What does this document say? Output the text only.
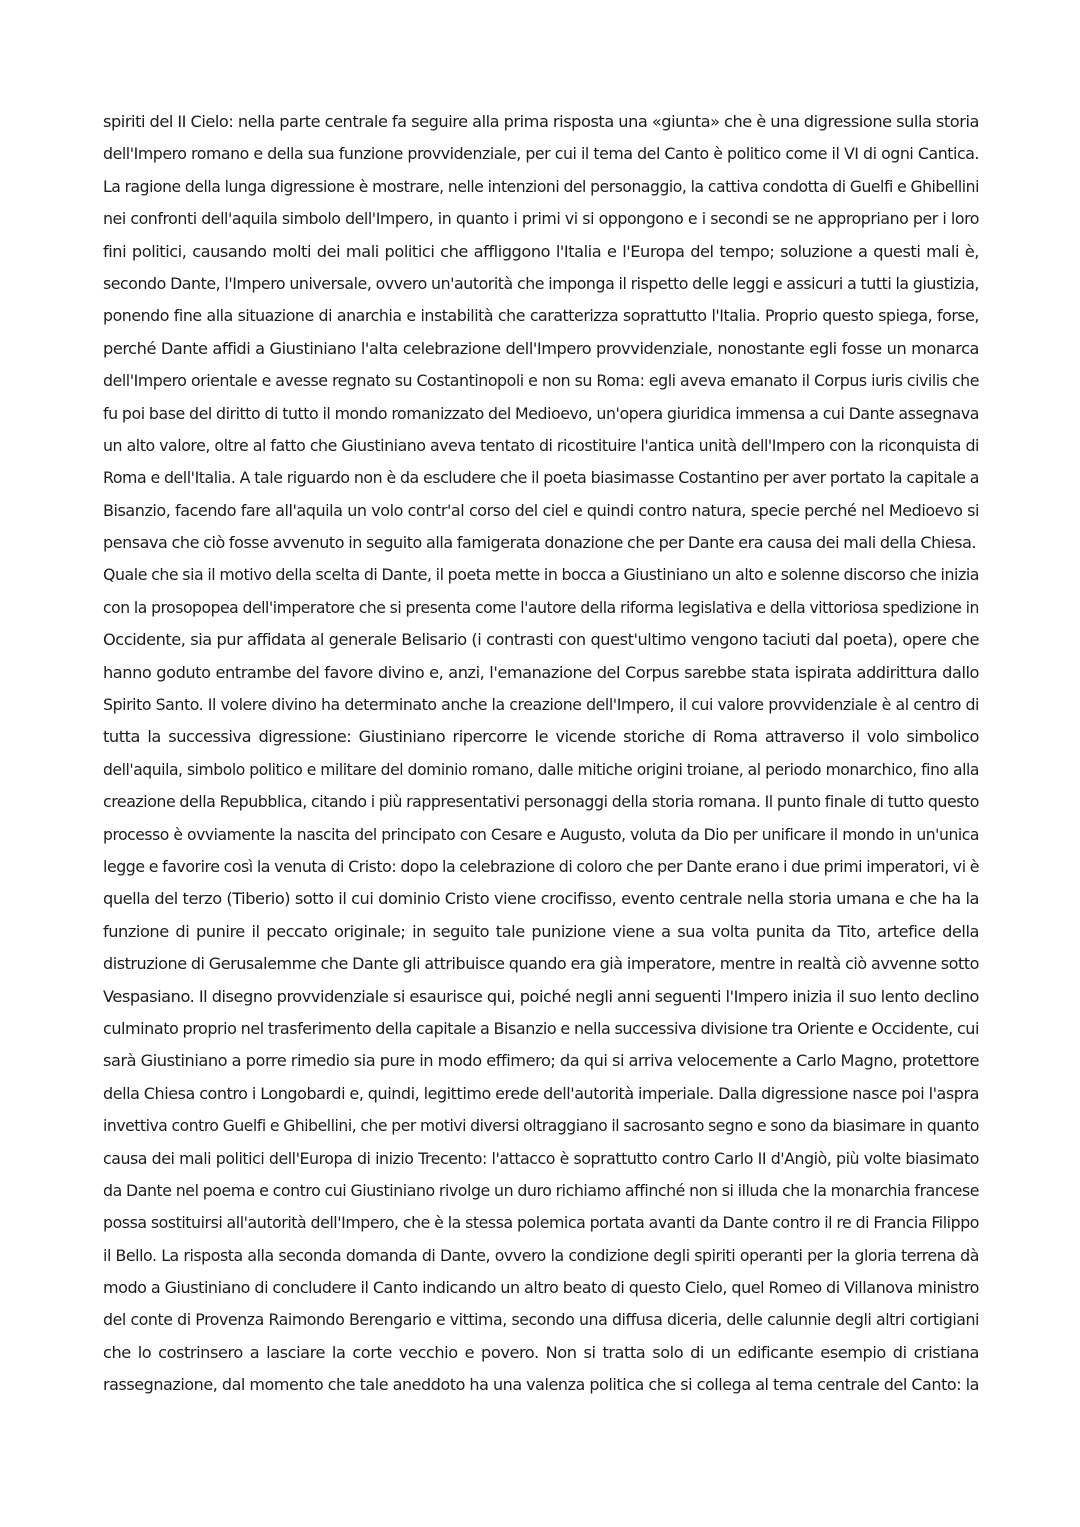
spiriti del II Cielo: nella parte centrale fa seguire alla prima risposta una «giunta» che è una digressione sulla storia
dell'Impero romano e della sua funzione provvidenziale, per cui il tema del Canto è politico come il VI di ogni Cantica.
La ragione della lunga digressione è mostrare, nelle intenzioni del personaggio, la cattiva condotta di Guelfi e Ghibellini
nei confronti dell'aquila simbolo dell'Impero, in quanto i primi vi si oppongono e i secondi se ne appropriano per i loro
fini politici, causando molti dei mali politici che affliggono l'Italia e l'Europa del tempo; soluzione a questi mali è,
secondo Dante, l'Impero universale, ovvero un'autorità che imponga il rispetto delle leggi e assicuri a tutti la giustizia,
ponendo fine alla situazione di anarchia e instabilità che caratterizza soprattutto l'Italia. Proprio questo spiega, forse,
perché Dante affidi a Giustiniano l'alta celebrazione dell'Impero provvidenziale, nonostante egli fosse un monarca
dell'Impero orientale e avesse regnato su Costantinopoli e non su Roma: egli aveva emanato il Corpus iuris civilis che
fu poi base del diritto di tutto il mondo romanizzato del Medioevo, un'opera giuridica immensa a cui Dante assegnava
un alto valore, oltre al fatto che Giustiniano aveva tentato di ricostituire l'antica unità dell'Impero con la riconquista di
Roma e dell'Italia. A tale riguardo non è da escludere che il poeta biasimasse Costantino per aver portato la capitale a
Bisanzio, facendo fare all'aquila un volo contr'al corso del ciel e quindi contro natura, specie perché nel Medioevo si
pensava che ciò fosse avvenuto in seguito alla famigerata donazione che per Dante era causa dei mali della Chiesa.
Quale che sia il motivo della scelta di Dante, il poeta mette in bocca a Giustiniano un alto e solenne discorso che inizia
con la prosopopea dell'imperatore che si presenta come l'autore della riforma legislativa e della vittoriosa spedizione in
Occidente, sia pur affidata al generale Belisario (i contrasti con quest'ultimo vengono taciuti dal poeta), opere che
hanno goduto entrambe del favore divino e, anzi, l'emanazione del Corpus sarebbe stata ispirata addirittura dallo
Spirito Santo. Il volere divino ha determinato anche la creazione dell'Impero, il cui valore provvidenziale è al centro di
tutta la successiva digressione: Giustiniano ripercorre le vicende storiche di Roma attraverso il volo simbolico
dell'aquila, simbolo politico e militare del dominio romano, dalle mitiche origini troiane, al periodo monarchico, fino alla
creazione della Repubblica, citando i più rappresentativi personaggi della storia romana. Il punto finale di tutto questo
processo è ovviamente la nascita del principato con Cesare e Augusto, voluta da Dio per unificare il mondo in un'unica
legge e favorire così la venuta di Cristo: dopo la celebrazione di coloro che per Dante erano i due primi imperatori, vi è
quella del terzo (Tiberio) sotto il cui dominio Cristo viene crocifisso, evento centrale nella storia umana e che ha la
funzione di punire il peccato originale; in seguito tale punizione viene a sua volta punita da Tito, artefice della
distruzione di Gerusalemme che Dante gli attribuisce quando era già imperatore, mentre in realtà ciò avvenne sotto
Vespasiano. Il disegno provvidenziale si esaurisce qui, poiché negli anni seguenti l'Impero inizia il suo lento declino
culminato proprio nel trasferimento della capitale a Bisanzio e nella successiva divisione tra Oriente e Occidente, cui
sarà Giustiniano a porre rimedio sia pure in modo effimero; da qui si arriva velocemente a Carlo Magno, protettore
della Chiesa contro i Longobardi e, quindi, legittimo erede dell'autorità imperiale. Dalla digressione nasce poi l'aspra
invettiva contro Guelfi e Ghibellini, che per motivi diversi oltraggiano il sacrosanto segno e sono da biasimare in quanto
causa dei mali politici dell'Europa di inizio Trecento: l'attacco è soprattutto contro Carlo II d'Angiò, più volte biasimato
da Dante nel poema e contro cui Giustiniano rivolge un duro richiamo affinché non si illuda che la monarchia francese
possa sostituirsi all'autorità dell'Impero, che è la stessa polemica portata avanti da Dante contro il re di Francia Filippo
il Bello. La risposta alla seconda domanda di Dante, ovvero la condizione degli spiriti operanti per la gloria terrena dà
modo a Giustiniano di concludere il Canto indicando un altro beato di questo Cielo, quel Romeo di Villanova ministro
del conte di Provenza Raimondo Berengario e vittima, secondo una diffusa diceria, delle calunnie degli altri cortigiani
che lo costrinsero a lasciare la corte vecchio e povero. Non si tratta solo di un edificante esempio di cristiana
rassegnazione, dal momento che tale aneddoto ha una valenza politica che si collega al tema centrale del Canto: la
